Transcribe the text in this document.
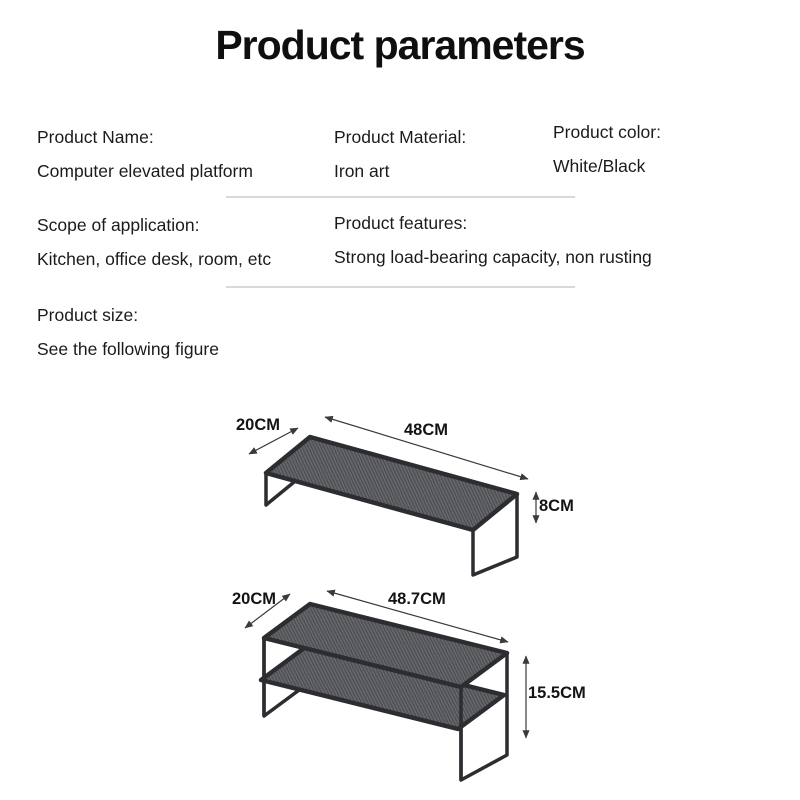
Product parameters
Product Name:
Computer elevated platform
Product Material:
Iron art
Product color:
White/Black
Scope of application:
Kitchen, office desk, room, etc
Product features:
Strong load-bearing capacity, non rusting
Product size:
See the following figure
20CM	48CM
8CM
20CM	48.7CM
15.5CM
